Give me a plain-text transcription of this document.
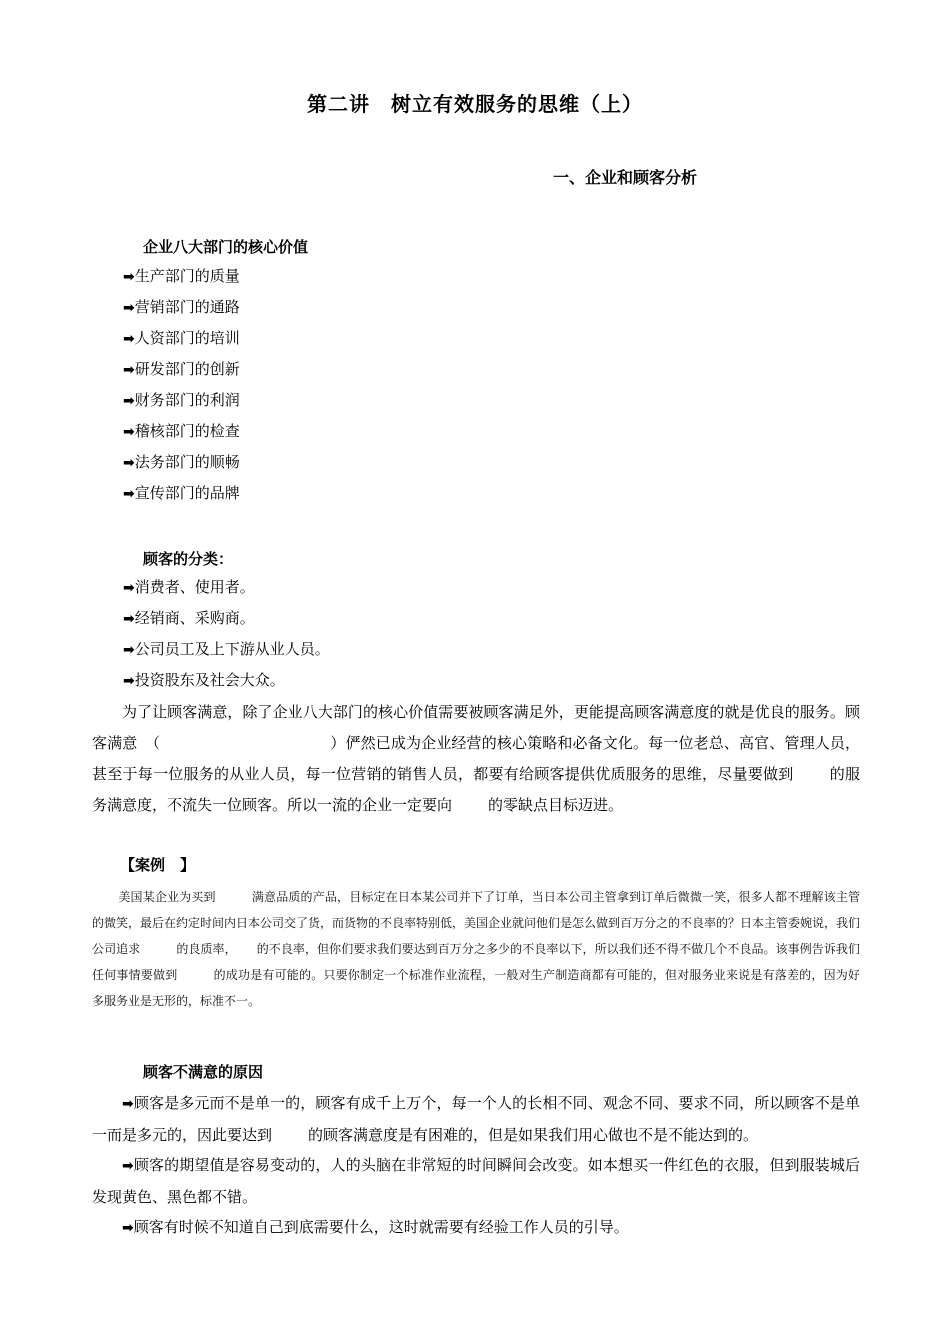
第二讲　树立有效服务的思维（上）
一、企业和顾客分析
企业八大部门的核心价值
➡生产部门的质量
➡营销部门的通路
➡人资部门的培训
➡研发部门的创新
➡财务部门的利润
➡稽核部门的检查
➡法务部门的顺畅
➡宣传部门的品牌
顾客的分类：
➡消费者、使用者。
➡经销商、采购商。
➡公司员工及上下游从业人员。
➡投资股东及社会大众。

为了让顾客满意，除了企业八大部门的核心价值需要被顾客满足外，更能提高顾客满意度的就是优良的服务。顾客满意　（	）俨然已成为企业经营的核心策略和必备文化。每一位老总、高官、管理人员，甚至于每一位服务的从业人员，每一位营销的销售人员，都要有给顾客提供优质服务的思维，尽量要做到 的服务满意度，不流失一位顾客。所以一流的企业一定要向 的零缺点目标迈进。

【案例　】

美国某企业为买到	满意品质的产品，目标定在日本某公司并下了订单，当日本公司主管拿到订单后微微一笑，很多人都不理解该主管的微笑，最后在约定时间内日本公司交了货，而货物的不良率特别低，美国企业就问他们是怎么做到百万分之的不良率的？日本主管委婉说，我们公司追求	的良质率， 的不良率，但你们要求我们要达到百万分之多少的不良率以下，所以我们还不得不做几个不良品。该事例告诉我们任何事情要做到	的成功是有可能的。只要你制定一个标准作业流程，一般对生产制造商都有可能的，但对服务业来说是有落差的，因为好多服务业是无形的，标准不一。

顾客不满意的原因

➡顾客是多元而不是单一的，顾客有成千上万个，每一个人的长相不同、观念不同、要求不同，所以顾客不是单一而是多元的，因此要达到 的顾客满意度是有困难的，但是如果我们用心做也不是不能达到的。

➡顾客的期望值是容易变动的，人的头脑在非常短的时间瞬间会改变。如本想买一件红色的衣服，但到服装城后发现黄色、黑色都不错。

➡顾客有时候不知道自己到底需要什么，这时就需要有经验工作人员的引导。
